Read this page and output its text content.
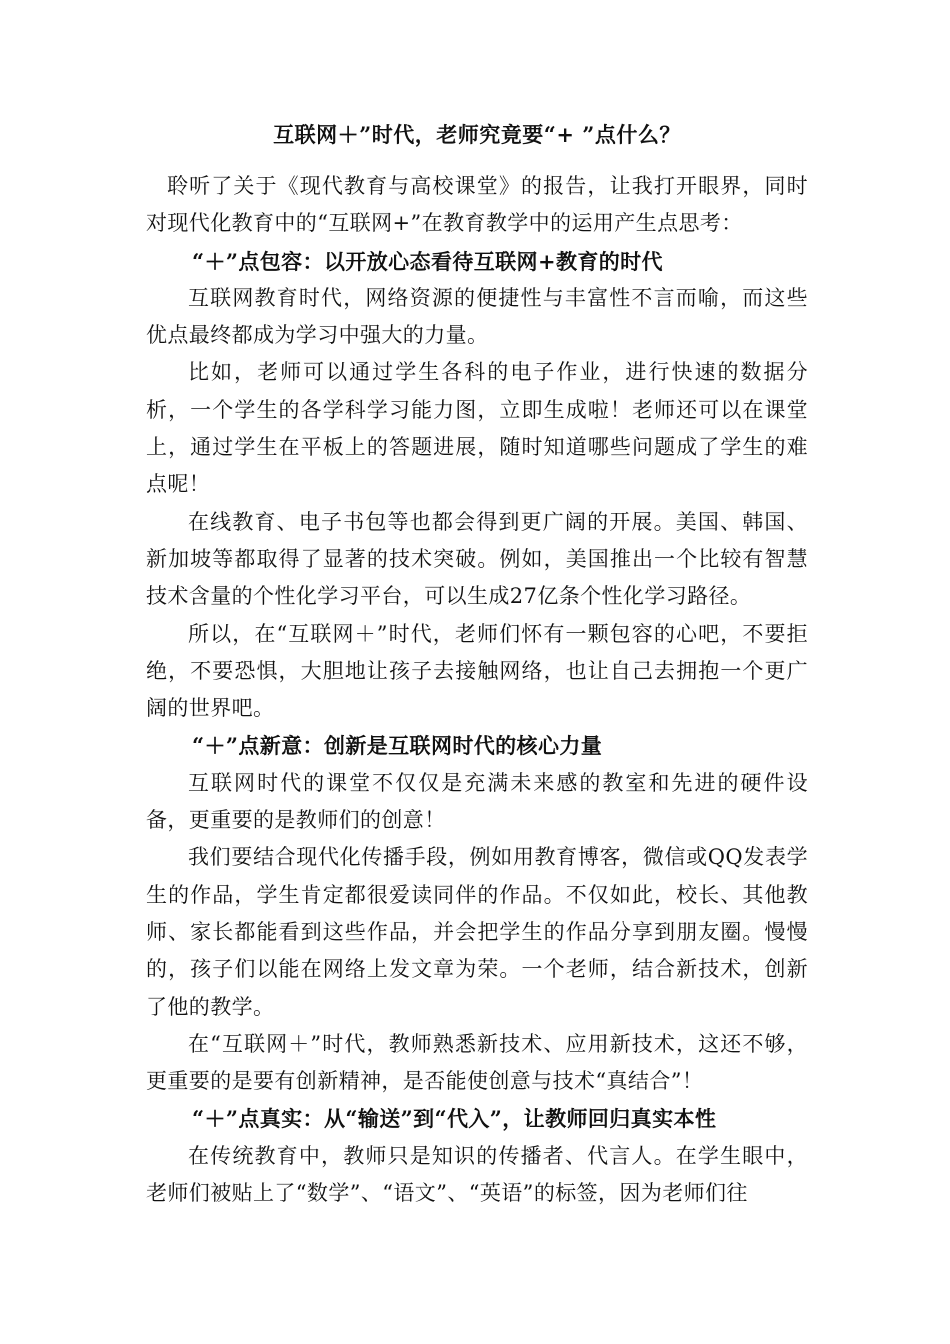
互联网＋”时代，老师究竟要“+ ”点什么？

聆听了关于《现代教育与高校课堂》的报告，让我打开眼界，同时对现代化教育中的“互联网+”在教育教学中的运用产生点思考：

“＋”点包容：以开放心态看待互联网+教育的时代

互联网教育时代，网络资源的便捷性与丰富性不言而喻，而这些优点最终都成为学习中强大的力量。

比如，老师可以通过学生各科的电子作业，进行快速的数据分析，一个学生的各学科学习能力图，立即生成啦！老师还可以在课堂上，通过学生在平板上的答题进展，随时知道哪些问题成了学生的难点呢！

在线教育、电子书包等也都会得到更广阔的开展。美国、韩国、新加坡等都取得了显著的技术突破。例如，美国推出一个比较有智慧技术含量的个性化学习平台，可以生成27亿条个性化学习路径。

所以，在“互联网＋”时代，老师们怀有一颗包容的心吧，不要拒绝，不要恐惧，大胆地让孩子去接触网络，也让自己去拥抱一个更广阔的世界吧。

“＋”点新意：创新是互联网时代的核心力量

互联网时代的课堂不仅仅是充满未来感的教室和先进的硬件设备，更重要的是教师们的创意！

我们要结合现代化传播手段，例如用教育博客，微信或QQ发表学生的作品，学生肯定都很爱读同伴的作品。不仅如此，校长、其他教师、家长都能看到这些作品，并会把学生的作品分享到朋友圈。慢慢的，孩子们以能在网络上发文章为荣。一个老师，结合新技术，创新了他的教学。

在“互联网＋”时代，教师熟悉新技术、应用新技术，这还不够，更重要的是要有创新精神，是否能使创意与技术“真结合”！

“＋”点真实：从“输送”到“代入”，让教师回归真实本性

在传统教育中，教师只是知识的传播者、代言人。在学生眼中，老师们被贴上了“数学”、“语文”、“英语”的标签，因为老师们往
